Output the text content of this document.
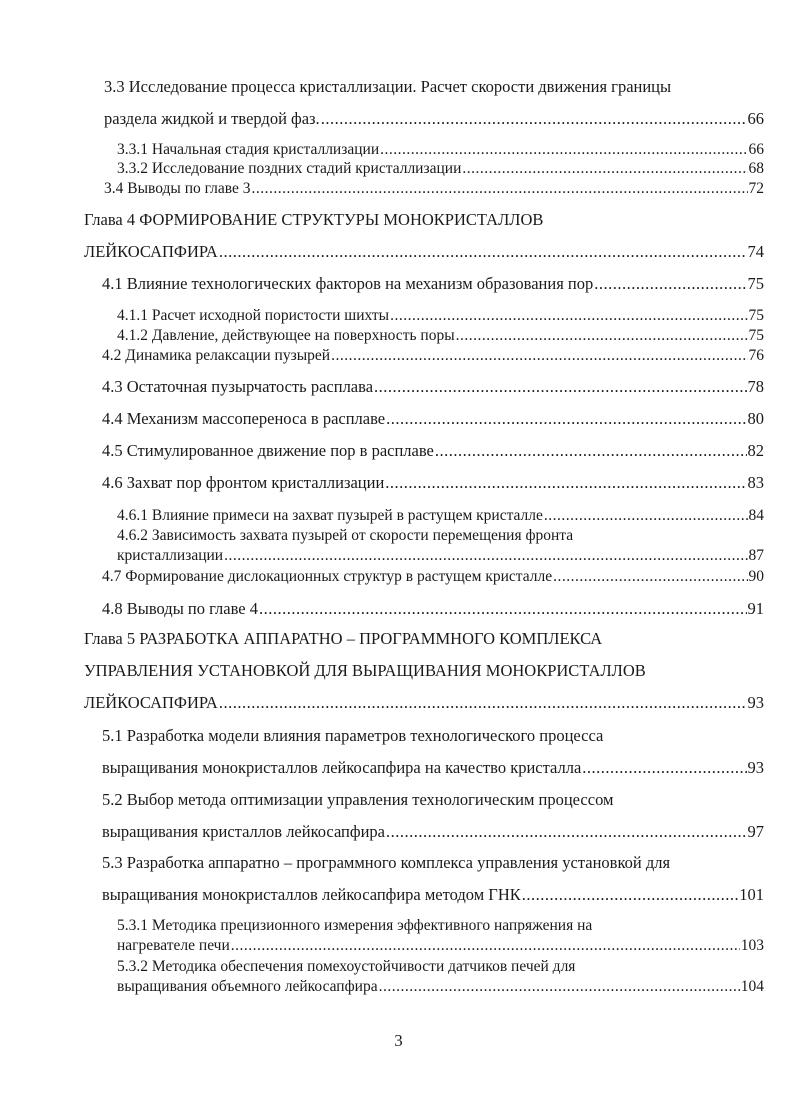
3.3 Исследование процесса кристаллизации. Расчет скорости движения границы
раздела жидкой и твердой фаз. .....	66
3.3.1 Начальная стадия кристаллизации .....	66
3.3.2 Исследование поздних стадий кристаллизации .....	68
3.4 Выводы по главе 3 .....	72
Глава 4 ФОРМИРОВАНИЕ СТРУКТУРЫ МОНОКРИСТАЛЛОВ
ЛЕЙКОСАПФИРА .....	74
4.1 Влияние технологических факторов на механизм образования пор .....	75
4.1.1 Расчет исходной пористости шихты .....	75
4.1.2 Давление, действующее на поверхность поры .....	75
4.2 Динамика релаксации пузырей .....	76
4.3 Остаточная пузырчатость расплава .....	78
4.4 Механизм массопереноса в расплаве .....	80
4.5 Стимулированное движение пор в расплаве .....	82
4.6 Захват пор фронтом кристаллизации .....	83
4.6.1 Влияние примеси на захват пузырей в растущем кристалле .....	84
4.6.2 Зависимость захвата пузырей от скорости перемещения фронта
кристаллизации .....	87
4.7 Формирование дислокационных структур в растущем кристалле .....	90
4.8 Выводы по главе 4 .....	91
Глава 5 РАЗРАБОТКА АППАРАТНО – ПРОГРАММНОГО КОМПЛЕКСА
УПРАВЛЕНИЯ УСТАНОВКОЙ ДЛЯ ВЫРАЩИВАНИЯ МОНОКРИСТАЛЛОВ
ЛЕЙКОСАПФИРА .....	93
5.1 Разработка модели влияния параметров технологического процесса
выращивания монокристаллов лейкосапфира на качество кристалла .....	93
5.2 Выбор метода оптимизации управления технологическим процессом
выращивания кристаллов лейкосапфира .....	97
5.3 Разработка аппаратно – программного комплекса управления установкой для
выращивания монокристаллов лейкосапфира методом ГНК .....	101
5.3.1 Методика прецизионного измерения эффективного напряжения на
нагревателе печи .....	103
5.3.2 Методика обеспечения помехоустойчивости датчиков печей для
выращивания объемного лейкосапфира .....	104
3
